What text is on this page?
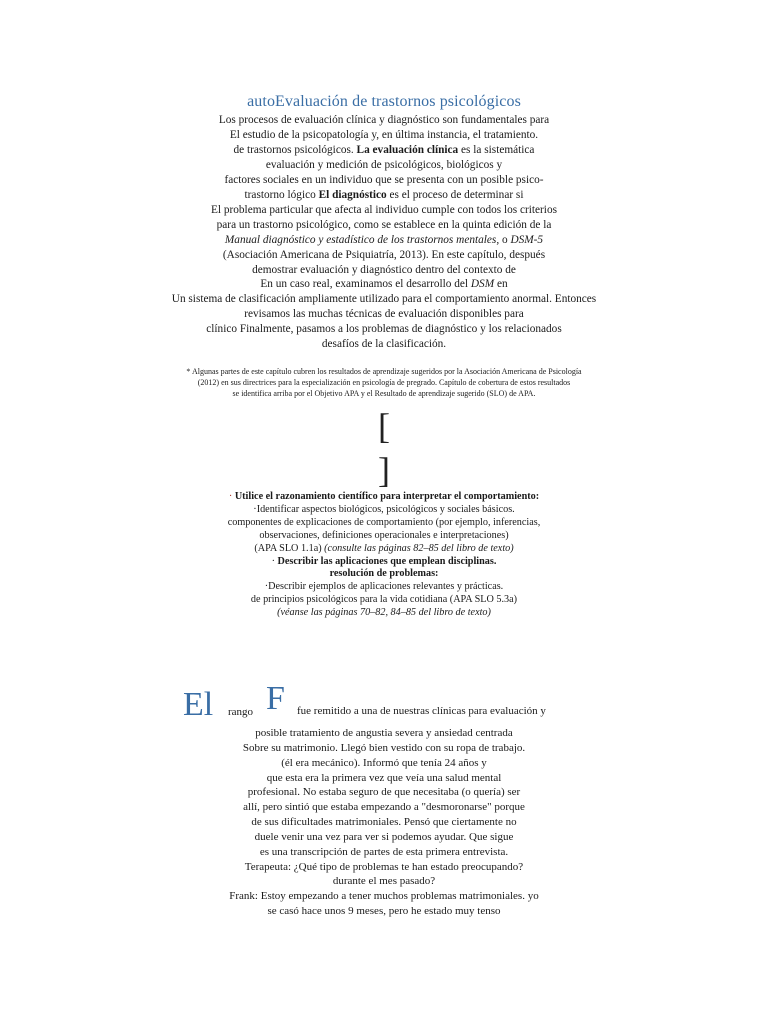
autoEvaluación de trastornos psicológicos
Los procesos de evaluación clínica y diagnóstico son fundamentales para
El estudio de la psicopatología y, en última instancia, el tratamiento.
de trastornos psicológicos. La evaluación clínica es la sistemática
evaluación y medición de psicológicos, biológicos y
factores sociales en un individuo que se presenta con un posible psico-
trastorno lógico El diagnóstico es el proceso de determinar si
El problema particular que afecta al individuo cumple con todos los criterios
para un trastorno psicológico, como se establece en la quinta edición de la
Manual diagnóstico y estadístico de los trastornos mentales, o DSM-5
(Asociación Americana de Psiquiatría, 2013). En este capítulo, después
demostrar evaluación y diagnóstico dentro del contexto de
En un caso real, examinamos el desarrollo del DSM en
Un sistema de clasificación ampliamente utilizado para el comportamiento anormal. Entonces
revisamos las muchas técnicas de evaluación disponibles para
clínico Finalmente, pasamos a los problemas de diagnóstico y los relacionados
desafíos de la clasificación.
* Algunas partes de este capítulo cubren los resultados de aprendizaje sugeridos por la Asociación Americana de Psicología
(2012) en sus directrices para la especialización en psicología de pregrado. Capítulo de cobertura de estos resultados
se identifica arriba por el Objetivo APA y el Resultado de aprendizaje sugerido (SLO) de APA.
[
]
· Utilice el razonamiento científico para interpretar el comportamiento:
·Identificar aspectos biológicos, psicológicos y sociales básicos.
componentes de explicaciones de comportamiento (por ejemplo, inferencias,
observaciones, definiciones operacionales e interpretaciones)
(APA SLO 1.1a) (consulte las páginas 82–85 del libro de texto)
· Describir las aplicaciones que emplean disciplinas.
resolución de problemas:
·Describir ejemplos de aplicaciones relevantes y prácticas.
de principios psicológicos para la vida cotidiana (APA SLO 5.3a)
(véanse las páginas 70–82, 84–85 del libro de texto)
El rango F fue remitido a una de nuestras clínicas para evaluación y
posible tratamiento de angustia severa y ansiedad centrada
Sobre su matrimonio. Llegó bien vestido con su ropa de trabajo.
(él era mecánico). Informó que tenía 24 años y
que esta era la primera vez que veía una salud mental
profesional. No estaba seguro de que necesitaba (o quería) ser
allí, pero sintió que estaba empezando a "desmoronarse" porque
de sus dificultades matrimoniales. Pensó que ciertamente no
duele venir una vez para ver si podemos ayudar. Que sigue
es una transcripción de partes de esta primera entrevista.
Terapeuta: ¿Qué tipo de problemas te han estado preocupando?
durante el mes pasado?
Frank: Estoy empezando a tener muchos problemas matrimoniales. yo
se casó hace unos 9 meses, pero he estado muy tenso
